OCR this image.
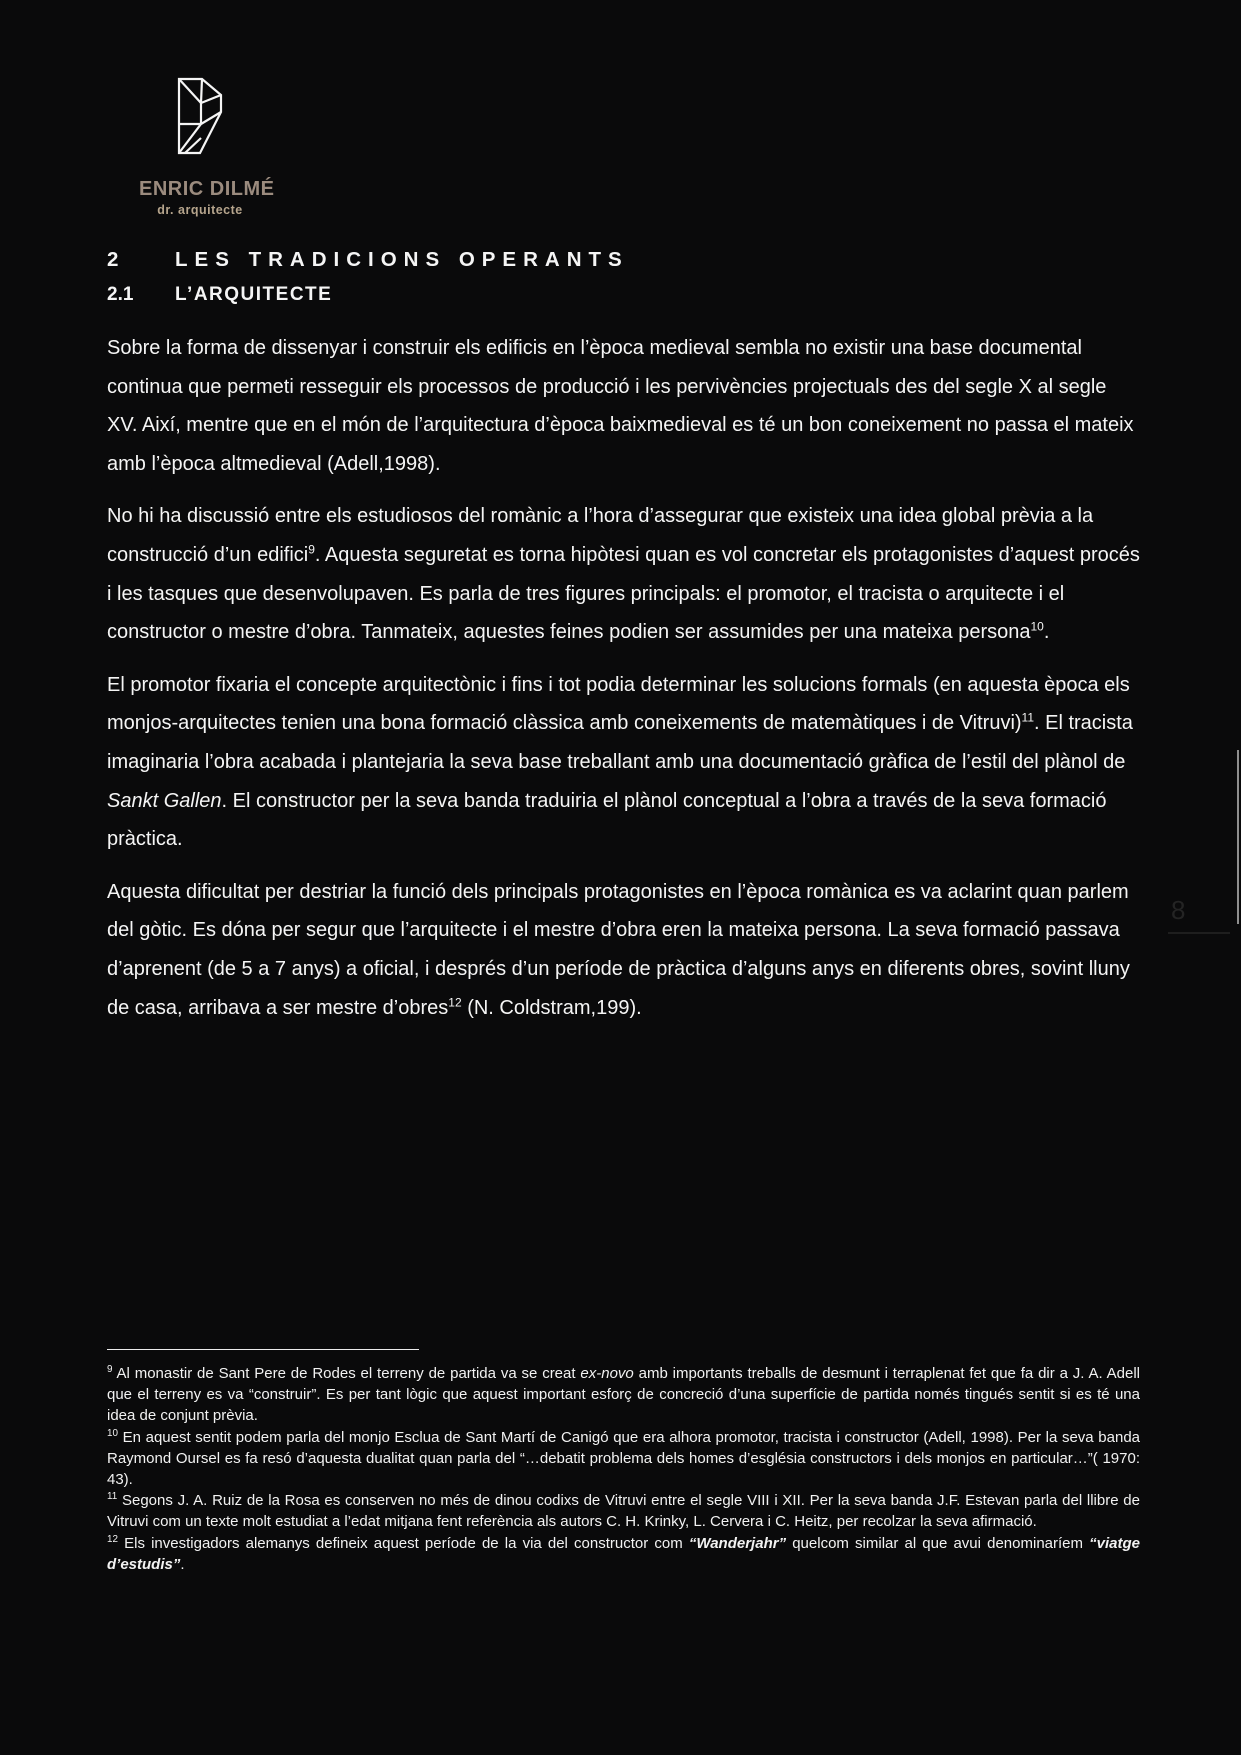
ENRIC DILMÉ
dr. arquitecte
2	LES TRADICIONS OPERANTS
2.1	L’ARQUITECTE

Sobre la forma de dissenyar i construir els edificis en l’època medieval sembla no existir una base documental continua que permeti resseguir els processos de producció i les pervivències projectuals des del segle X al segle XV. Així, mentre que en el món de l’arquitectura d’època baixmedieval es té un bon coneixement no passa el mateix amb l’època altmedieval (Adell,1998).

No hi ha discussió entre els estudiosos del romànic a l’hora d’assegurar que existeix una idea global prèvia a la construcció d’un edifici$^9$. Aquesta seguretat es torna hipòtesi quan es vol concretar els protagonistes d’aquest procés i les tasques que desenvolupaven. Es parla de tres figures principals: el promotor, el tracista o arquitecte i el constructor o mestre d’obra. Tanmateix, aquestes feines podien ser assumides per una mateixa persona$^{10}$.

El promotor fixaria el concepte arquitectònic i fins i tot podia determinar les solucions formals (en aquesta època els monjos-arquitectes tenien una bona formació clàssica amb coneixements de matemàtiques i de Vitruvi)$^{11}$. El tracista imaginaria l’obra acabada i plantejaria la seva base treballant amb una documentació gràfica de l’estil del plànol de Sankt Gallen. El constructor per la seva banda traduiria el plànol conceptual a l’obra a través de la seva formació pràctica.

Aquesta dificultat per destriar la funció dels principals protagonistes en l’època romànica es va aclarint quan parlem del gòtic. Es dóna per segur que l’arquitecte i el mestre d’obra eren la mateixa persona. La seva formació passava d’aprenent (de 5 a 7 anys) a oficial, i després d’un període de pràctica d’alguns anys en diferents obres, sovint lluny de casa, arribava a ser mestre d’obres$^{12}$ (N. Coldstram,199).

$^9$ Al monastir de Sant Pere de Rodes el terreny de partida va se creat ex-novo amb importants treballs de desmunt i terraplenat fet que fa dir a J. A. Adell que el terreny es va “construir”. Es per tant lògic que aquest important esforç de concreció d’una superfície de partida només tingués sentit si es té una idea de conjunt prèvia.

$^{10}$ En aquest sentit podem parla del monjo Esclua de Sant Martí de Canigó que era alhora promotor, tracista i constructor (Adell, 1998). Per la seva banda Raymond Oursel es fa resó d’aquesta dualitat quan parla del “…debatit problema dels homes d’església constructors i dels monjos en particular…”( 1970: 43).

$^{11}$ Segons J. A. Ruiz de la Rosa es conserven no més de dinou codixs de Vitruvi entre el segle VIII i XII. Per la seva banda J.F. Estevan parla del llibre de Vitruvi com un texte molt estudiat a l’edat mitjana fent referència als autors C. H. Krinky, L. Cervera i C. Heitz, per recolzar la seva afirmació.

$^{12}$ Els investigadors alemanys defineix aquest període de la via del constructor com “Wanderjahr” quelcom similar al que avui denominaríem “viatge d’estudis”.

8
